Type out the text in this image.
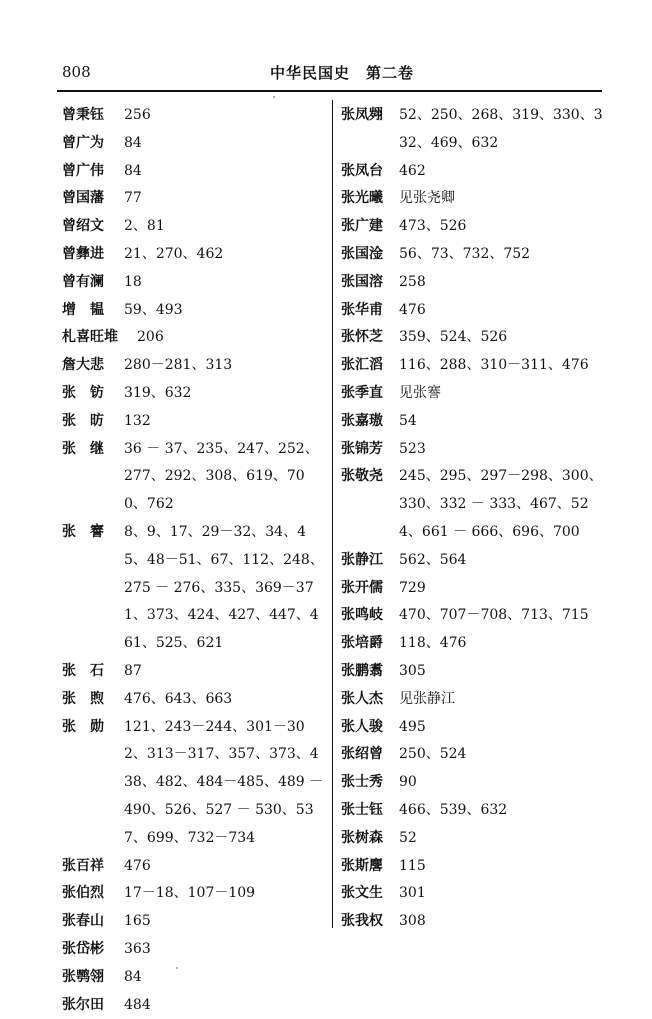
808	中华民国史　第二卷
曾秉钰 256
曾广为 84
曾广伟 84
曾国藩 77
曾绍文 2、81
曾彝进 21、270、462
曾有澜 18
增　韫 59、493
札喜旺堆 206
詹大悲 280－281、313
张　钫 319、632
张　昉 132
张　继 36 － 37、235、247、252、277、292、308、619、700、762
张　謇 8、9、17、29－32、34、45、48－51、67、112、248、275 － 276、335、369－371、373、424、427、447、461、525、621
张　石 87
张　煦 476、643、663
张　勋 121、243－244、301－302、313－317、357、373、438、482、484－485、489 － 490、526、527 － 530、537、699、732－734
张百祥 476
张伯烈 17－18、107－109
张春山 165
张岱彬 363
张鹗翎 84
张尔田 484
张凤翙 52、250、268、319、330、332、469、632
张凤台 462
张光曦 见张尧卿
张广建 473、526
张国淦 56、73、732、752
张国溶 258
张华甫 476
张怀芝 359、524、526
张汇滔 116、288、310－311、476
张季直 见张謇
张嘉璈 54
张锦芳 523
张敬尧 245、295、297－298、300、330、332 － 333、467、524、661 － 666、696、700
张静江 562、564
张开儒 729
张鸣岐 470、707－708、713、715
张培爵 118、476
张鹏翥 305
张人杰 见张静江
张人骏 495
张绍曾 250、524
张士秀 90
张士钰 466、539、632
张树森 52
张斯麐 115
张文生 301
张我权 308
